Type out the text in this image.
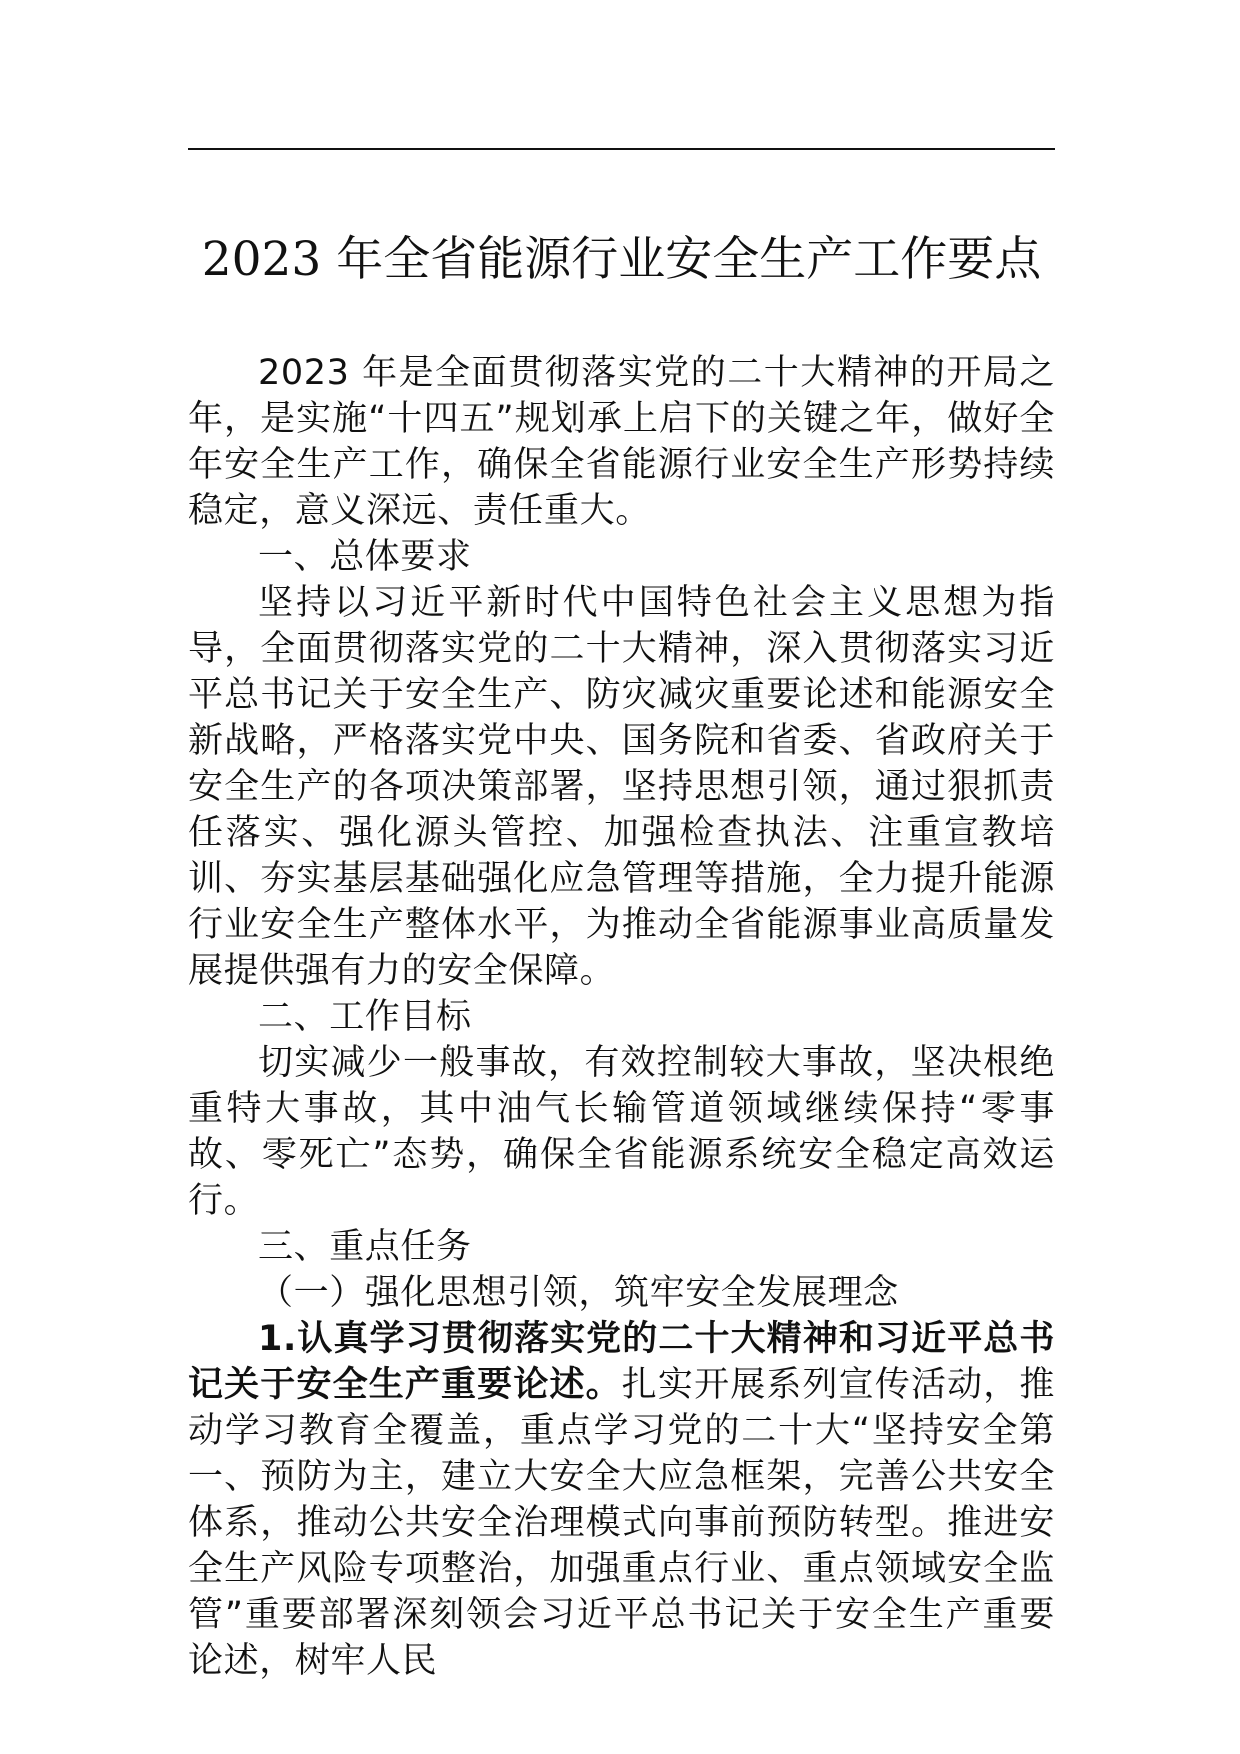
2023 年全省能源行业安全生产工作要点

2023 年是全面贯彻落实党的二十大精神的开局之年，是实施“十四五”规划承上启下的关键之年，做好全年安全生产工作，确保全省能源行业安全生产形势持续稳定，意义深远、责任重大。

一、总体要求

坚持以习近平新时代中国特色社会主义思想为指导，全面贯彻落实党的二十大精神，深入贯彻落实习近平总书记关于安全生产、防灾减灾重要论述和能源安全新战略，严格落实党中央、国务院和省委、省政府关于安全生产的各项决策部署，坚持思想引领，通过狠抓责任落实、强化源头管控、加强检查执法、注重宣教培训、夯实基层基础强化应急管理等措施，全力提升能源行业安全生产整体水平，为推动全省能源事业高质量发展提供强有力的安全保障。

二、工作目标

切实减少一般事故，有效控制较大事故，坚决根绝重特大事故，其中油气长输管道领域继续保持“零事故、零死亡”态势，确保全省能源系统安全稳定高效运行。

三、重点任务

（一）强化思想引领，筑牢安全发展理念

1.认真学习贯彻落实党的二十大精神和习近平总书记关于安全生产重要论述。扎实开展系列宣传活动，推动学习教育全覆盖，重点学习党的二十大“坚持安全第一、预防为主，建立大安全大应急框架，完善公共安全体系，推动公共安全治理模式向事前预防转型。推进安全生产风险专项整治，加强重点行业、重点领域安全监管”重要部署深刻领会习近平总书记关于安全生产重要论述，树牢人民
